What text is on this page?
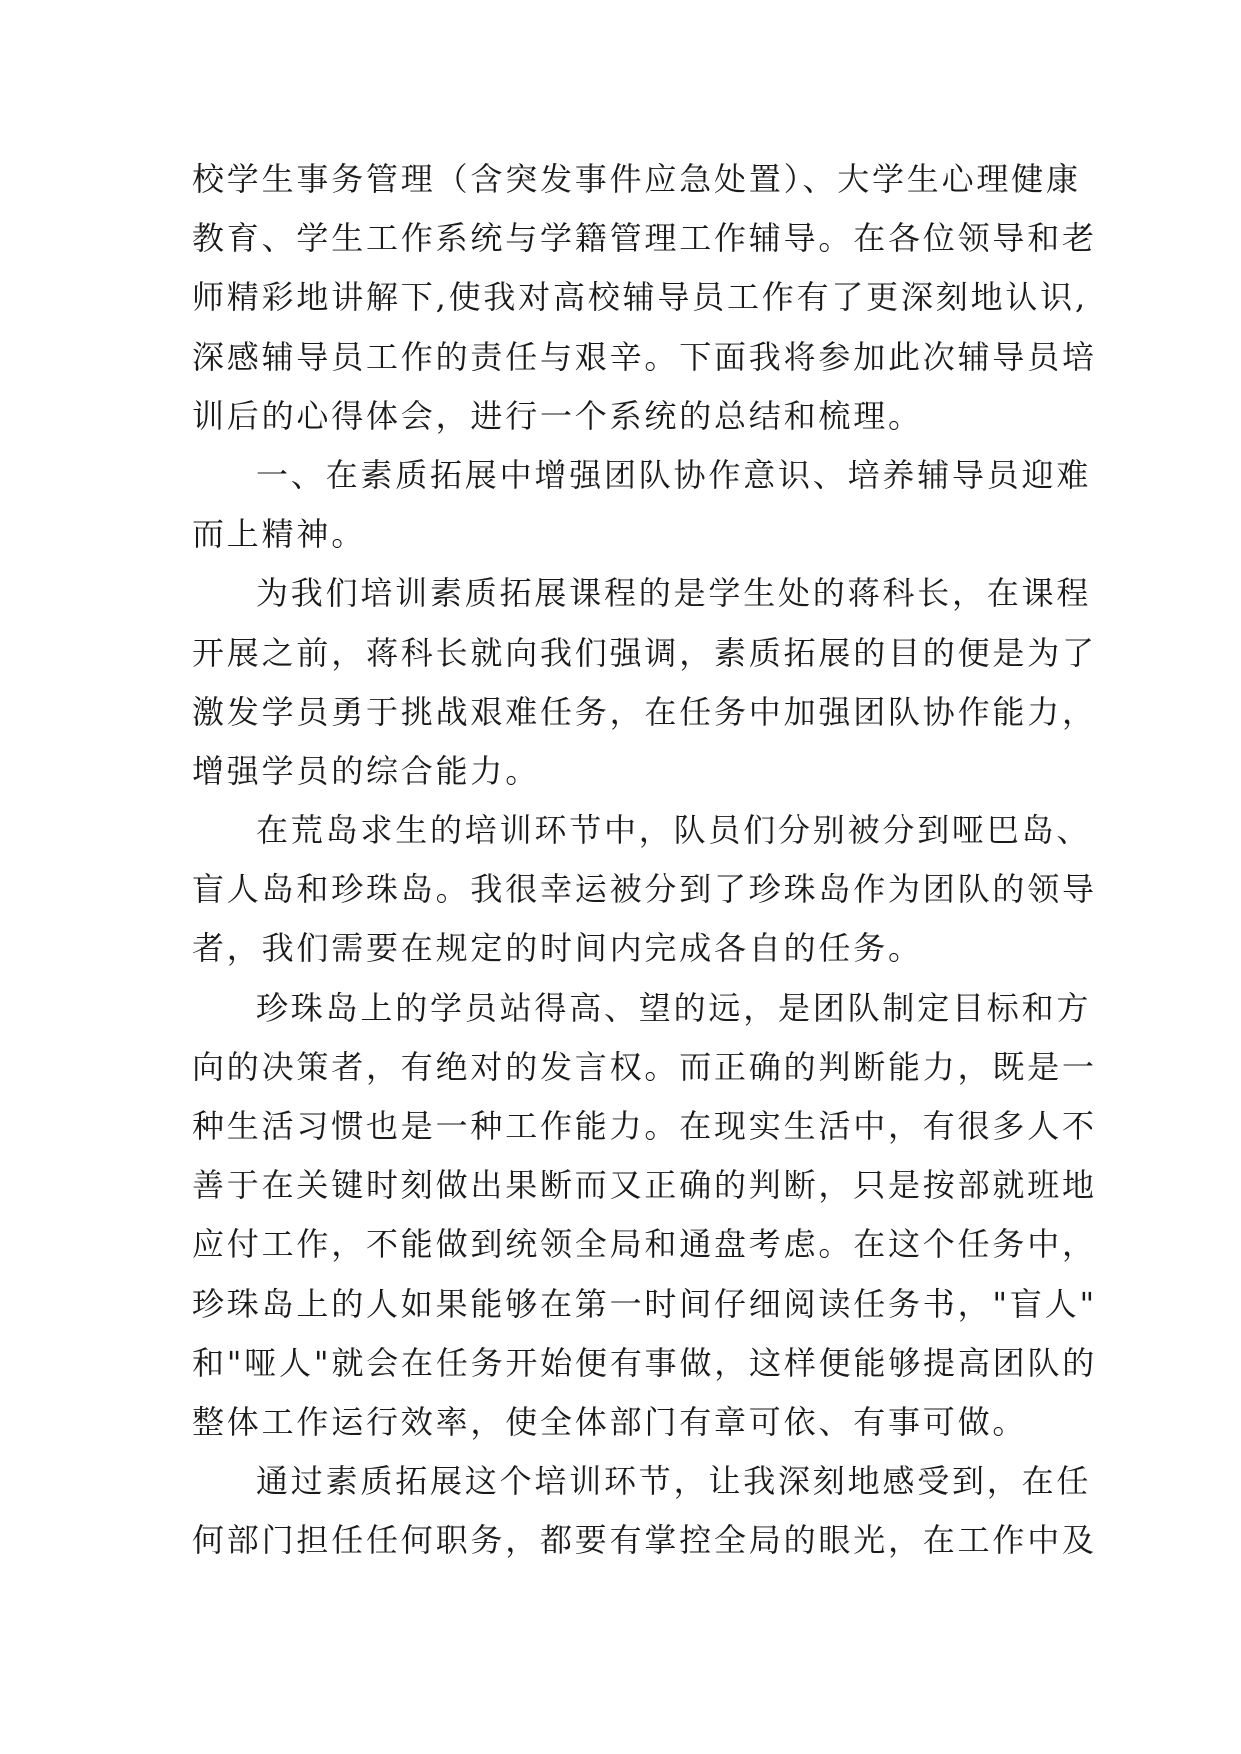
校学生事务管理（含突发事件应急处置）、大学生心理健康
教育、学生工作系统与学籍管理工作辅导。在各位领导和老
师精彩地讲解下,使我对高校辅导员工作有了更深刻地认识,
深感辅导员工作的责任与艰辛。下面我将参加此次辅导员培
训后的心得体会，进行一个系统的总结和梳理。
一、在素质拓展中增强团队协作意识、培养辅导员迎难
而上精神。
为我们培训素质拓展课程的是学生处的蒋科长，在课程
开展之前，蒋科长就向我们强调，素质拓展的目的便是为了
激发学员勇于挑战艰难任务，在任务中加强团队协作能力，
增强学员的综合能力。
在荒岛求生的培训环节中，队员们分别被分到哑巴岛、
盲人岛和珍珠岛。我很幸运被分到了珍珠岛作为团队的领导
者，我们需要在规定的时间内完成各自的任务。
珍珠岛上的学员站得高、望的远，是团队制定目标和方
向的决策者，有绝对的发言权。而正确的判断能力，既是一
种生活习惯也是一种工作能力。在现实生活中，有很多人不
善于在关键时刻做出果断而又正确的判断，只是按部就班地
应付工作，不能做到统领全局和通盘考虑。在这个任务中，
珍珠岛上的人如果能够在第一时间仔细阅读任务书，"盲人"
和"哑人"就会在任务开始便有事做，这样便能够提高团队的
整体工作运行效率，使全体部门有章可依、有事可做。
通过素质拓展这个培训环节，让我深刻地感受到，在任
何部门担任任何职务，都要有掌控全局的眼光，在工作中及
